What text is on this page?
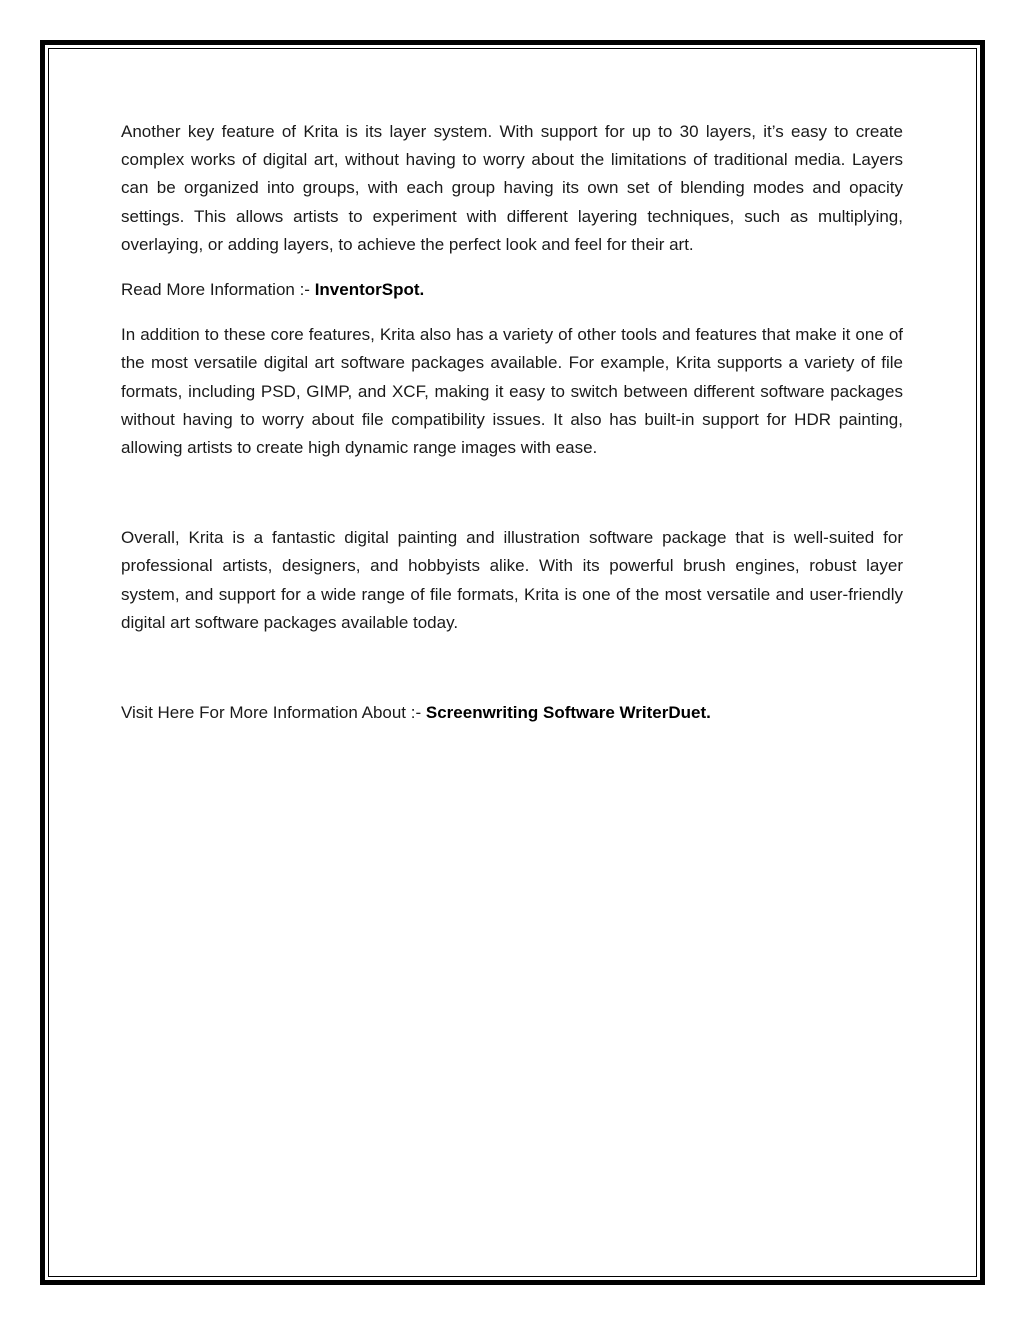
Another key feature of Krita is its layer system. With support for up to 30 layers, it’s easy to create complex works of digital art, without having to worry about the limitations of traditional media. Layers can be organized into groups, with each group having its own set of blending modes and opacity settings. This allows artists to experiment with different layering techniques, such as multiplying, overlaying, or adding layers, to achieve the perfect look and feel for their art.

Read More Information :- InventorSpot.

In addition to these core features, Krita also has a variety of other tools and features that make it one of the most versatile digital art software packages available. For example, Krita supports a variety of file formats, including PSD, GIMP, and XCF, making it easy to switch between different software packages without having to worry about file compatibility issues. It also has built-in support for HDR painting, allowing artists to create high dynamic range images with ease.

Overall, Krita is a fantastic digital painting and illustration software package that is well-suited for professional artists, designers, and hobbyists alike. With its powerful brush engines, robust layer system, and support for a wide range of file formats, Krita is one of the most versatile and user-friendly digital art software packages available today.

Visit Here For More Information About :- Screenwriting Software WriterDuet.
